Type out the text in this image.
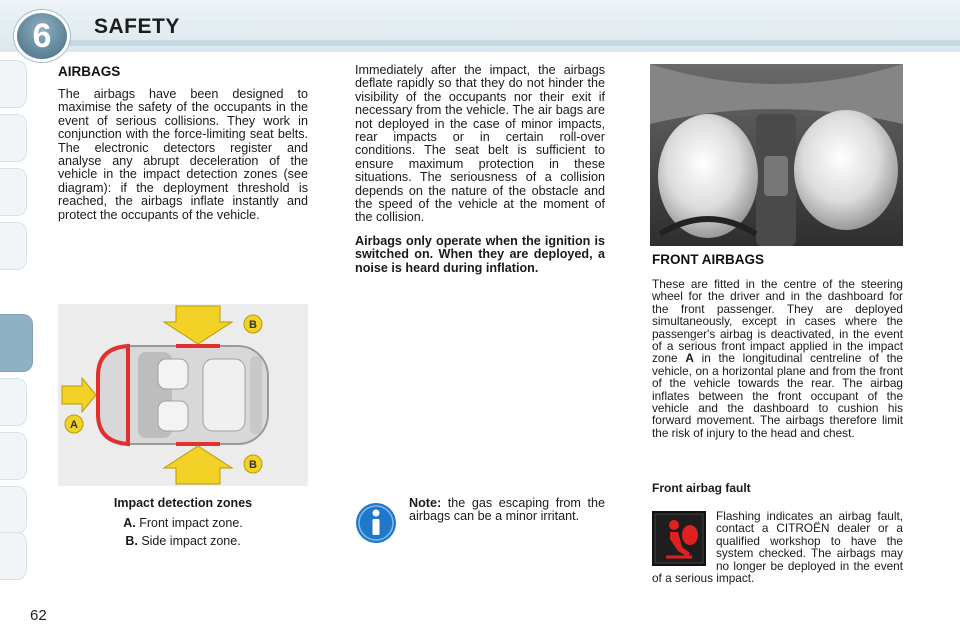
6	SAFETY
62
AIRBAGS

The airbags have been designed to maximise the safety of the occupants in the event of serious collisions. They work in conjunction with the force-limiting seat belts. The electronic detectors register and analyse any abrupt deceleration of the vehicle in the impact detection zones (see diagram): if the deployment threshold is reached, the airbags inflate instantly and protect the occupants of the vehicle.

A
B
B
Impact detection zones
A. Front impact zone.
B. Side impact zone.

Immediately after the impact, the airbags deflate rapidly so that they do not hinder the visibility of the occupants nor their exit if necessary from the vehicle. The air bags are not deployed in the case of minor impacts, rear impacts or in certain roll-over conditions. The seat belt is sufficient to ensure maximum protection in these situations. The seriousness of a collision depends on the nature of the obstacle and the speed of the vehicle at the moment of the collision.

Airbags only operate when the ignition is switched on. When they are deployed, a noise is heard during inflation.

Note: the gas escaping from the airbags can be a minor irritant.

FRONT AIRBAGS

These are fitted in the centre of the steering wheel for the driver and in the dashboard for the front passenger. They are deployed simultaneously, except in cases where the passenger's airbag is deactivated, in the event of a serious front impact applied in the impact zone A in the longitudinal centreline of the vehicle, on a horizontal plane and from the front of the vehicle towards the rear. The airbag inflates between the front occupant of the vehicle and the dashboard to cushion his forward movement. The airbags therefore limit the risk of injury to the head and chest.

Front airbag fault
Flashing indicates an airbag fault, contact a CITROËN dealer or a qualified workshop to have the system checked. The airbags may no longer be deployed in the event of a serious impact.
